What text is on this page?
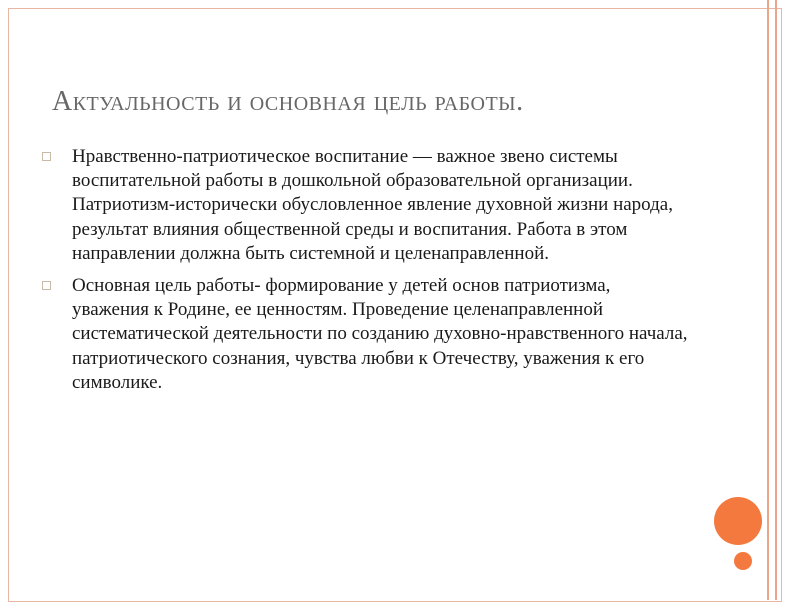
Актуальность и основная цель работы.
Нравственно-патриотическое воспитание — важное звено системы воспитательной работы в дошкольной образовательной организации. Патриотизм-исторически обусловленное явление духовной жизни народа, результат влияния общественной среды и воспитания. Работа в этом направлении должна быть системной и целенаправленной.
Основная цель работы- формирование у детей основ патриотизма, уважения к Родине, ее ценностям. Проведение целенаправленной систематической деятельности по созданию духовно-нравственного начала, патриотического сознания, чувства любви к Отечеству, уважения к его символике.
